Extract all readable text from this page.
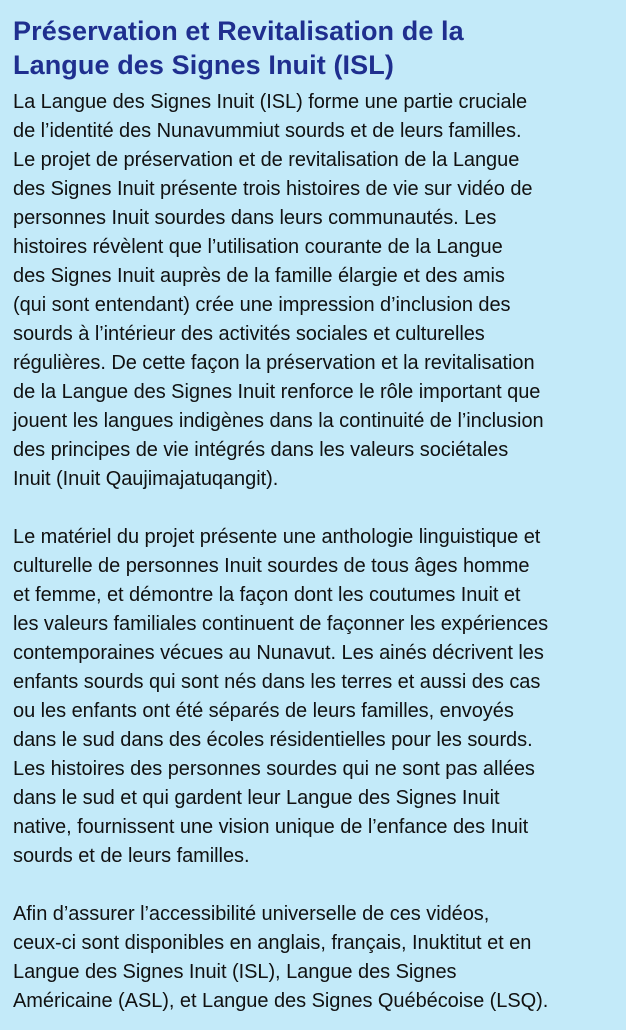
Préservation et Revitalisation de la
Langue des Signes Inuit (ISL)

La Langue des Signes Inuit (ISL) forme une partie cruciale
de l’identité des Nunavummiut sourds et de leurs familles.
Le projet de préservation et de revitalisation de la Langue
des Signes Inuit présente trois histoires de vie sur vidéo de
personnes Inuit sourdes dans leurs communautés. Les
histoires révèlent que l’utilisation courante de la Langue
des Signes Inuit auprès de la famille élargie et des amis
(qui sont entendant) crée une impression d’inclusion des
sourds à l’intérieur des activités sociales et culturelles
régulières. De cette façon la préservation et la revitalisation
de la Langue des Signes Inuit renforce le rôle important que
jouent les langues indigènes dans la continuité de l’inclusion
des principes de vie intégrés dans les valeurs sociétales
Inuit (Inuit Qaujimajatuqangit).

Le matériel du projet présente une anthologie linguistique et
culturelle de personnes Inuit sourdes de tous âges homme
et femme, et démontre la façon dont les coutumes Inuit et
les valeurs familiales continuent de façonner les expériences
contemporaines vécues au Nunavut. Les ainés décrivent les
enfants sourds qui sont nés dans les terres et aussi des cas
ou les enfants ont été séparés de leurs familles, envoyés
dans le sud dans des écoles résidentielles pour les sourds.
Les histoires des personnes sourdes qui ne sont pas allées
dans le sud et qui gardent leur Langue des Signes Inuit
native, fournissent une vision unique de l’enfance des Inuit
sourds et de leurs familles.

Afin d’assurer l’accessibilité universelle de ces vidéos,
ceux-ci sont disponibles en anglais, français, Inuktitut et en
Langue des Signes Inuit (ISL), Langue des Signes
Américaine (ASL), et Langue des Signes Québécoise (LSQ).
